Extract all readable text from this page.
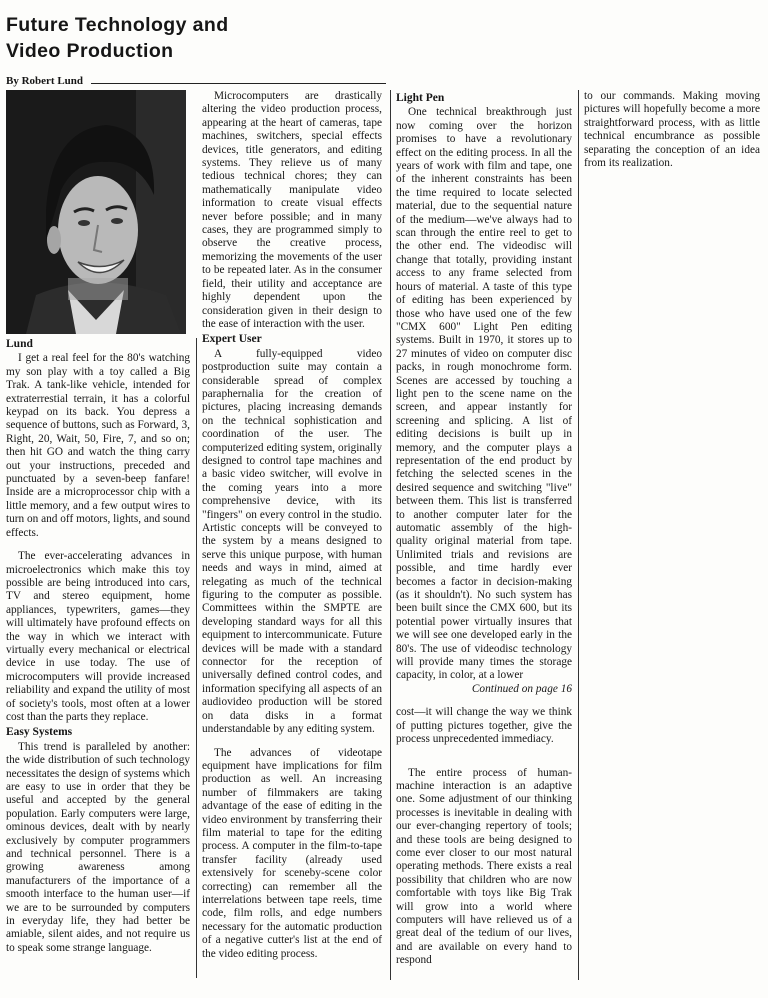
Future Technology and
Video Production
By Robert Lund
Lund

I get a real feel for the 80's watching my son play with a toy called a Big Trak. A tank-like vehicle, intended for extraterrestial terrain, it has a colorful keypad on its back. You depress a sequence of buttons, such as Forward, 3, Right, 20, Wait, 50, Fire, 7, and so on; then hit GO and watch the thing carry out your instructions, preceded and punctuated by a seven-beep fanfare! Inside are a microprocessor chip with a little memory, and a few output wires to turn on and off motors, lights, and sound effects.

The ever-accelerating advances in microelectronics which make this toy possible are being introduced into cars, TV and stereo equipment, home appliances, typewriters, games—they will ultimately have profound effects on the way in which we interact with virtually every mechanical or electrical device in use today. The use of microcomputers will provide increased reliability and expand the utility of most of society's tools, most often at a lower cost than the parts they replace.

Easy Systems

This trend is paralleled by another: the wide distribution of such technology necessitates the design of systems which are easy to use in order that they be useful and accepted by the general population. Early computers were large, ominous devices, dealt with by nearly exclusively by computer programmers and technical personnel. There is a growing awareness among manufacturers of the importance of a smooth interface to the human user—if we are to be surrounded by computers in everyday life, they had better be amiable, silent aides, and not require us to speak some strange language.

Microcomputers are drastically altering the video production process, appearing at the heart of cameras, tape machines, switchers, special effects devices, title generators, and editing systems. They relieve us of many tedious technical chores; they can mathematically manipulate video information to create visual effects never before possible; and in many cases, they are programmed simply to observe the creative process, memorizing the movements of the user to be repeated later. As in the consumer field, their utility and acceptance are highly dependent upon the consideration given in their design to the ease of interaction with the user.

Expert User

A fully-equipped video postproduction suite may contain a considerable spread of complex paraphernalia for the creation of pictures, placing increasing demands on the technical sophistication and coordination of the user. The computerized editing system, originally designed to control tape machines and a basic video switcher, will evolve in the coming years into a more comprehensive device, with its "fingers" on every control in the studio. Artistic concepts will be conveyed to the system by a means designed to serve this unique purpose, with human needs and ways in mind, aimed at relegating as much of the technical figuring to the computer as possible. Committees within the SMPTE are developing standard ways for all this equipment to intercommunicate. Future devices will be made with a standard connector for the reception of universally defined control codes, and information specifying all aspects of an audiovideo production will be stored on data disks in a format understandable by any editing system.

The advances of videotape equipment have implications for film production as well. An increasing number of filmmakers are taking advantage of the ease of editing in the video environment by transferring their film material to tape for the editing process. A computer in the film-to-tape transfer facility (already used extensively for sceneby-scene color correcting) can remember all the interrelations between tape reels, time code, film rolls, and edge numbers necessary for the automatic production of a negative cutter's list at the end of the video editing process.

Light Pen

One technical breakthrough just now coming over the horizon promises to have a revolutionary effect on the editing process. In all the years of work with film and tape, one of the inherent constraints has been the time required to locate selected material, due to the sequential nature of the medium—we've always had to scan through the entire reel to get to the other end. The videodisc will change that totally, providing instant access to any frame selected from hours of material. A taste of this type of editing has been experienced by those who have used one of the few "CMX 600" Light Pen editing systems. Built in 1970, it stores up to 27 minutes of video on computer disc packs, in rough monochrome form. Scenes are accessed by touching a light pen to the scene name on the screen, and appear instantly for screening and splicing. A list of editing decisions is built up in memory, and the computer plays a representation of the end product by fetching the selected scenes in the desired sequence and switching "live" between them. This list is transferred to another computer later for the automatic assembly of the high-quality original material from tape. Unlimited trials and revisions are possible, and time hardly ever becomes a factor in decision-making (as it shouldn't). No such system has been built since the CMX 600, but its potential power virtually insures that we will see one developed early in the 80's. The use of videodisc technology will provide many times the storage capacity, in color, at a lower

Continued on page 16

cost—it will change the way we think of putting pictures together, give the process unprecedented immediacy.

The entire process of human-machine interaction is an adaptive one. Some adjustment of our thinking processes is inevitable in dealing with our ever-changing repertory of tools; and these tools are being designed to come ever closer to our most natural operating methods. There exists a real possibility that children who are now comfortable with toys like Big Trak will grow into a world where computers will have relieved us of a great deal of the tedium of our lives, and are available on every hand to respond

to our commands. Making moving pictures will hopefully become a more straightforward process, with as little technical encumbrance as possible separating the conception of an idea from its realization.
